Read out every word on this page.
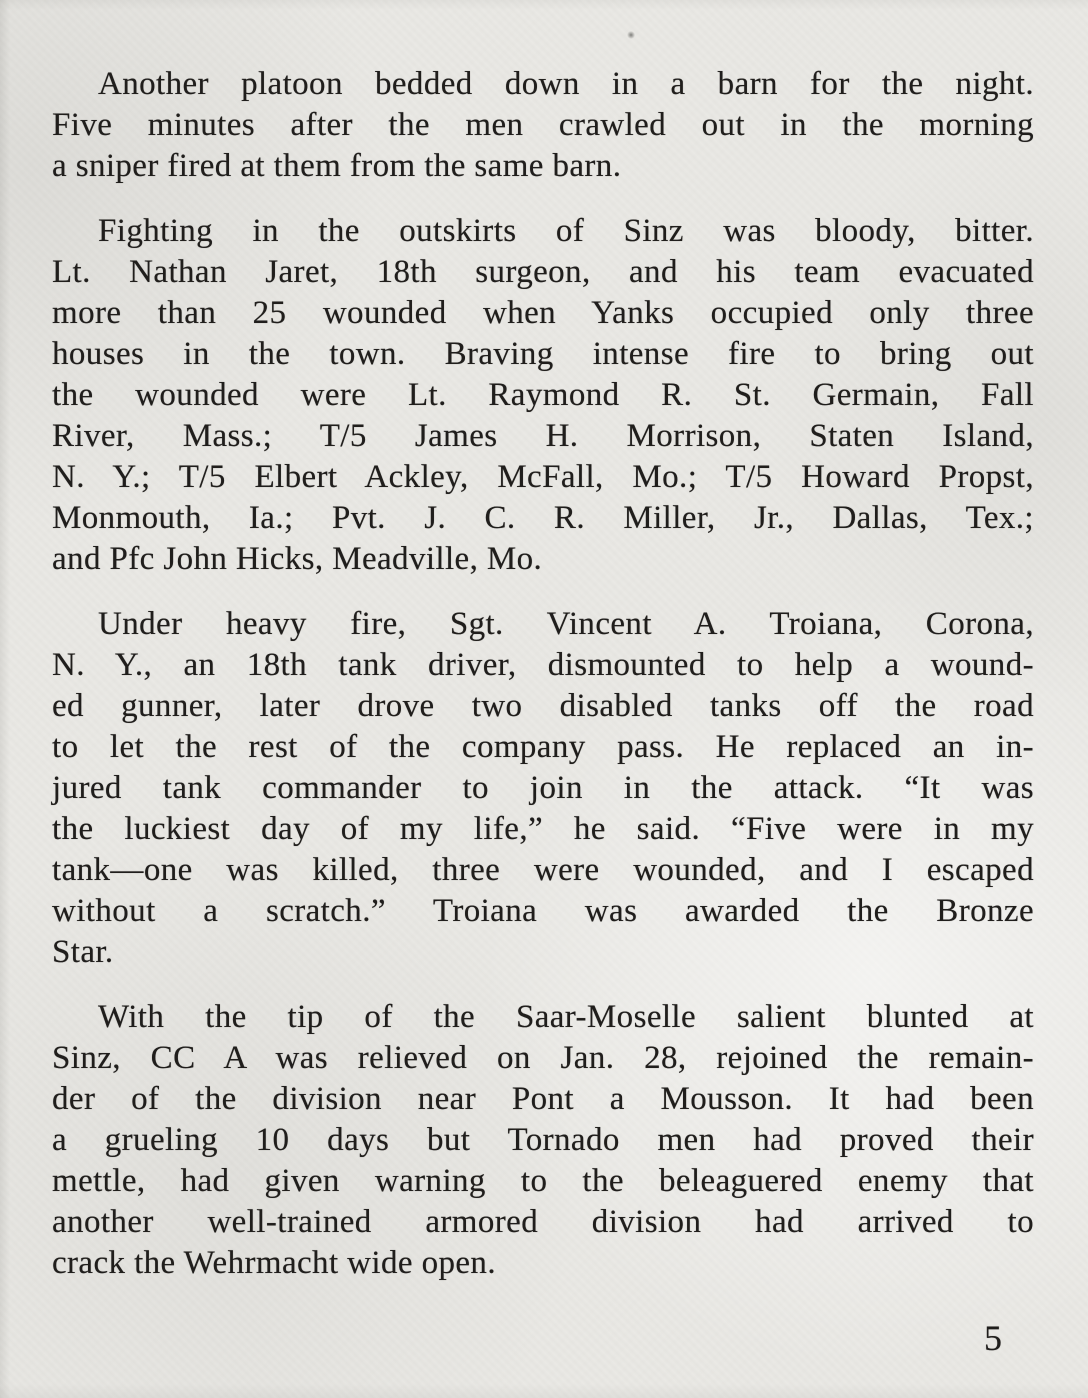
Another platoon bedded down in a barn for the night.
Five minutes after the men crawled out in the morning
a sniper fired at them from the same barn.
Fighting in the outskirts of Sinz was bloody, bitter.
Lt. Nathan Jaret, 18th surgeon, and his team evacuated
more than 25 wounded when Yanks occupied only three
houses in the town. Braving intense fire to bring out
the wounded were Lt. Raymond R. St. Germain, Fall
River, Mass.; T/5 James H. Morrison, Staten Island,
N. Y.; T/5 Elbert Ackley, McFall, Mo.; T/5 Howard Propst,
Monmouth, Ia.; Pvt. J. C. R. Miller, Jr., Dallas, Tex.;
and Pfc John Hicks, Meadville, Mo.
Under heavy fire, Sgt. Vincent A. Troiana, Corona,
N. Y., an 18th tank driver, dismounted to help a wound-
ed gunner, later drove two disabled tanks off the road
to let the rest of the company pass. He replaced an in-
jured tank commander to join in the attack. “It was
the luckiest day of my life,” he said. “Five were in my
tank—one was killed, three were wounded, and I escaped
without a scratch.” Troiana was awarded the Bronze
Star.
With the tip of the Saar-Moselle salient blunted at
Sinz, CC A was relieved on Jan. 28, rejoined the remain-
der of the division near Pont a Mousson. It had been
a grueling 10 days but Tornado men had proved their
mettle, had given warning to the beleaguered enemy that
another well-trained armored division had arrived to
crack the Wehrmacht wide open.
5
